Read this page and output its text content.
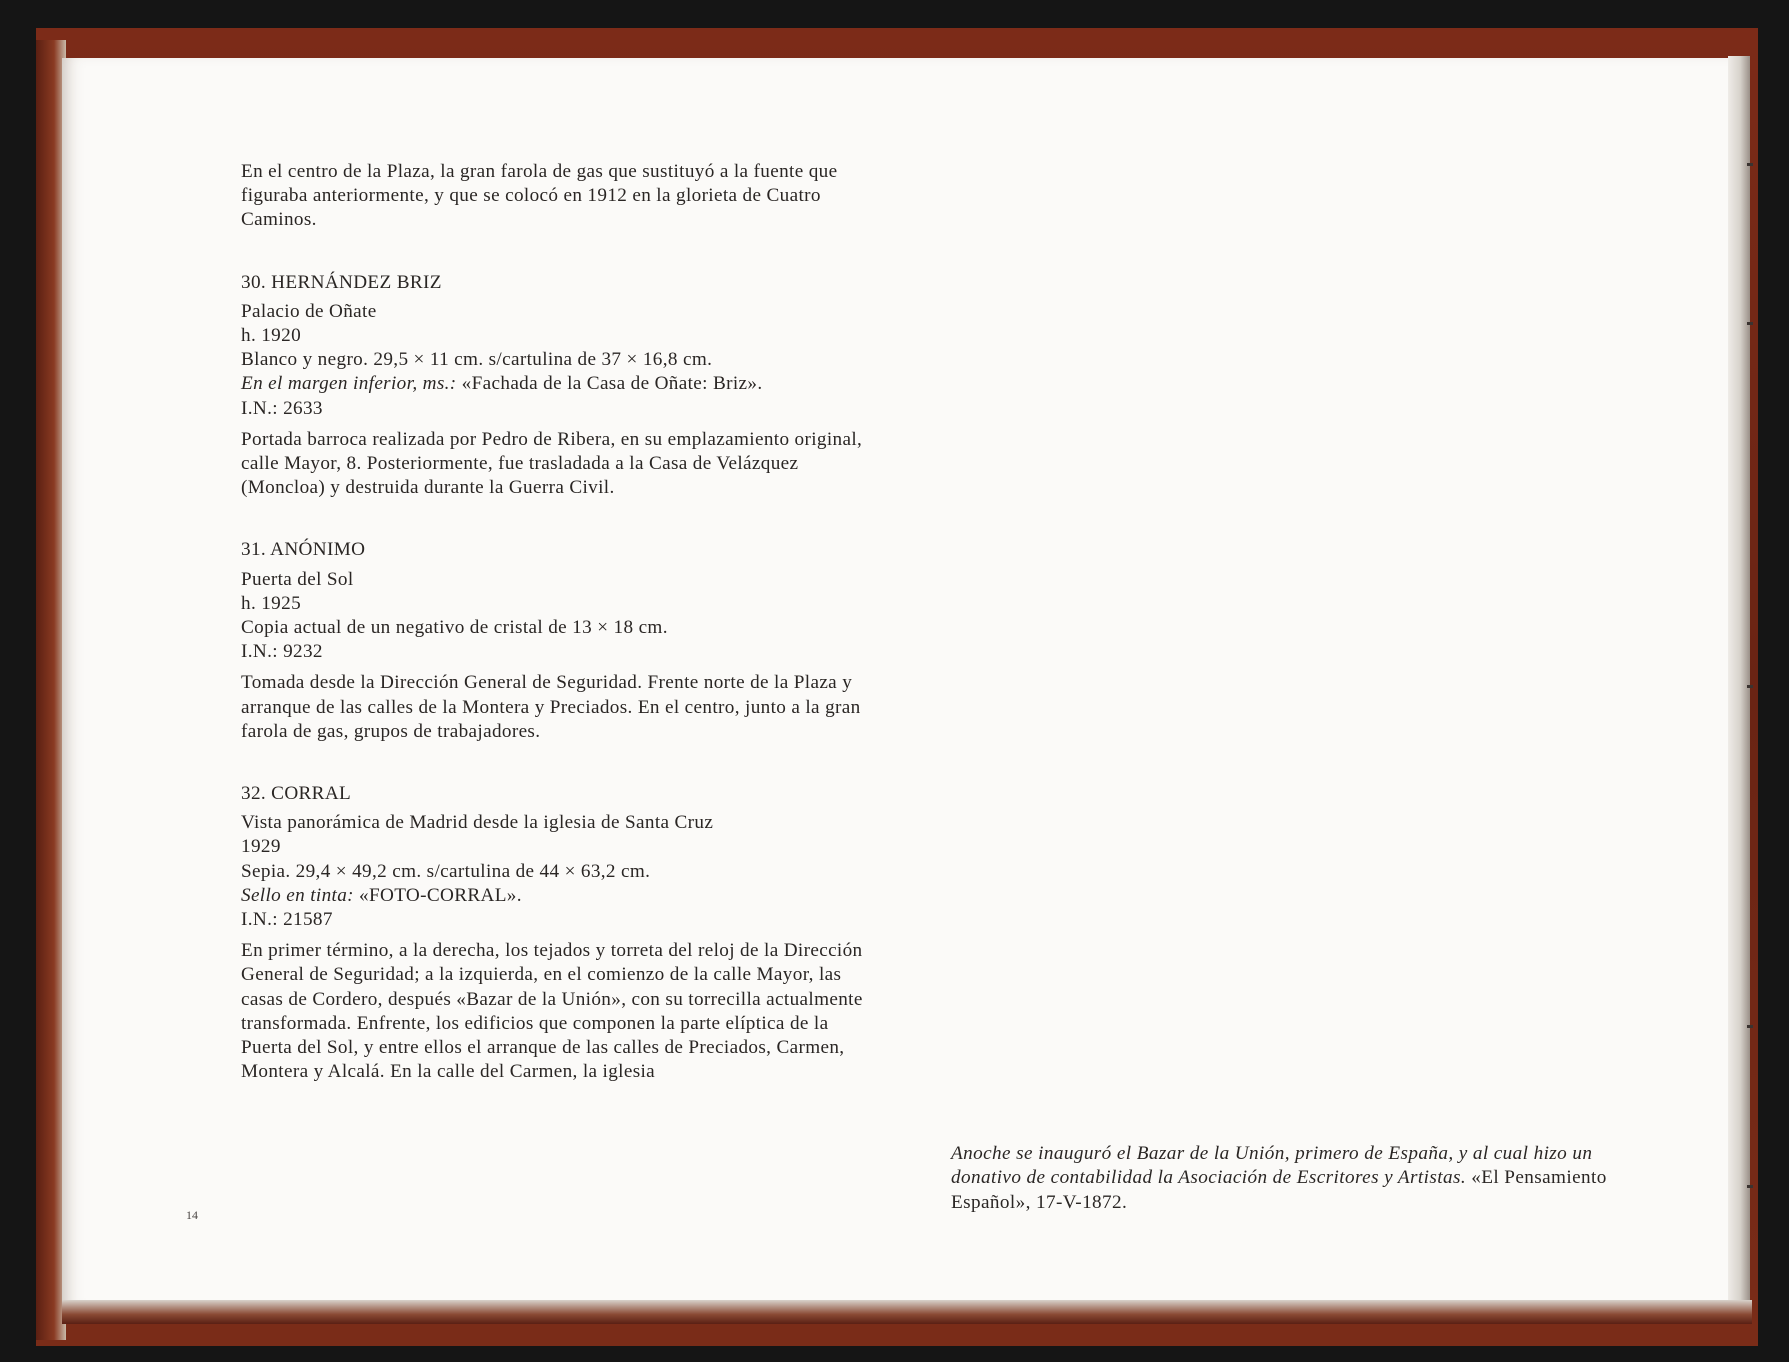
En el centro de la Plaza, la gran farola de gas que sustituyó a la fuente que figuraba anteriormente, y que se colocó en 1912 en la glorieta de Cuatro Caminos.

30. HERNÁNDEZ BRIZ

Palacio de Oñate

h. 1920

Blanco y negro. 29,5 × 11 cm. s/cartulina de 37 × 16,8 cm.

En el margen inferior, ms.: «Fachada de la Casa de Oñate: Briz».

I.N.: 2633

Portada barroca realizada por Pedro de Ribera, en su emplazamiento original, calle Mayor, 8. Posteriormente, fue trasladada a la Casa de Velázquez (Moncloa) y destruida durante la Guerra Civil.

31. ANÓNIMO

Puerta del Sol

h. 1925

Copia actual de un negativo de cristal de 13 × 18 cm.

I.N.: 9232

Tomada desde la Dirección General de Seguridad. Frente norte de la Plaza y arranque de las calles de la Montera y Preciados. En el centro, junto a la gran farola de gas, grupos de trabajadores.

32. CORRAL

Vista panorámica de Madrid desde la iglesia de Santa Cruz

1929

Sepia. 29,4 × 49,2 cm. s/cartulina de 44 × 63,2 cm.

Sello en tinta: «FOTO-CORRAL».

I.N.: 21587

En primer término, a la derecha, los tejados y torreta del reloj de la Dirección General de Seguridad; a la izquierda, en el comienzo de la calle Mayor, las casas de Cordero, después «Bazar de la Unión», con su torrecilla actualmente transformada. Enfrente, los edificios que componen la parte elíptica de la Puerta del Sol, y entre ellos el arranque de las calles de Preciados, Carmen, Montera y Alcalá. En la calle del Carmen, la iglesia

14
Anoche se inauguró el Bazar de la Unión, primero de España, y al cual hizo un donativo de contabilidad la Asociación de Escritores y Artistas. «El Pensamiento Español», 17-V-1872.
